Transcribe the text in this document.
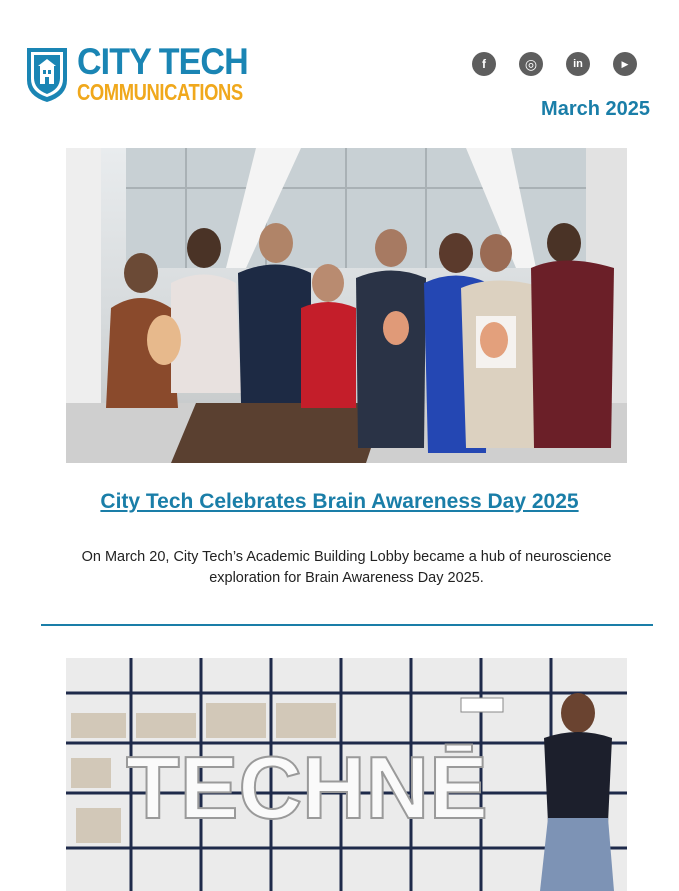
CITY TECH
COMMUNICATIONS
f	◎	in	▶
March 2025
City Tech Celebrates Brain Awareness Day 2025
On March 20, City Tech’s Academic Building Lobby became a hub of neuroscience exploration for Brain Awareness Day 2025.
TECHNĒ
